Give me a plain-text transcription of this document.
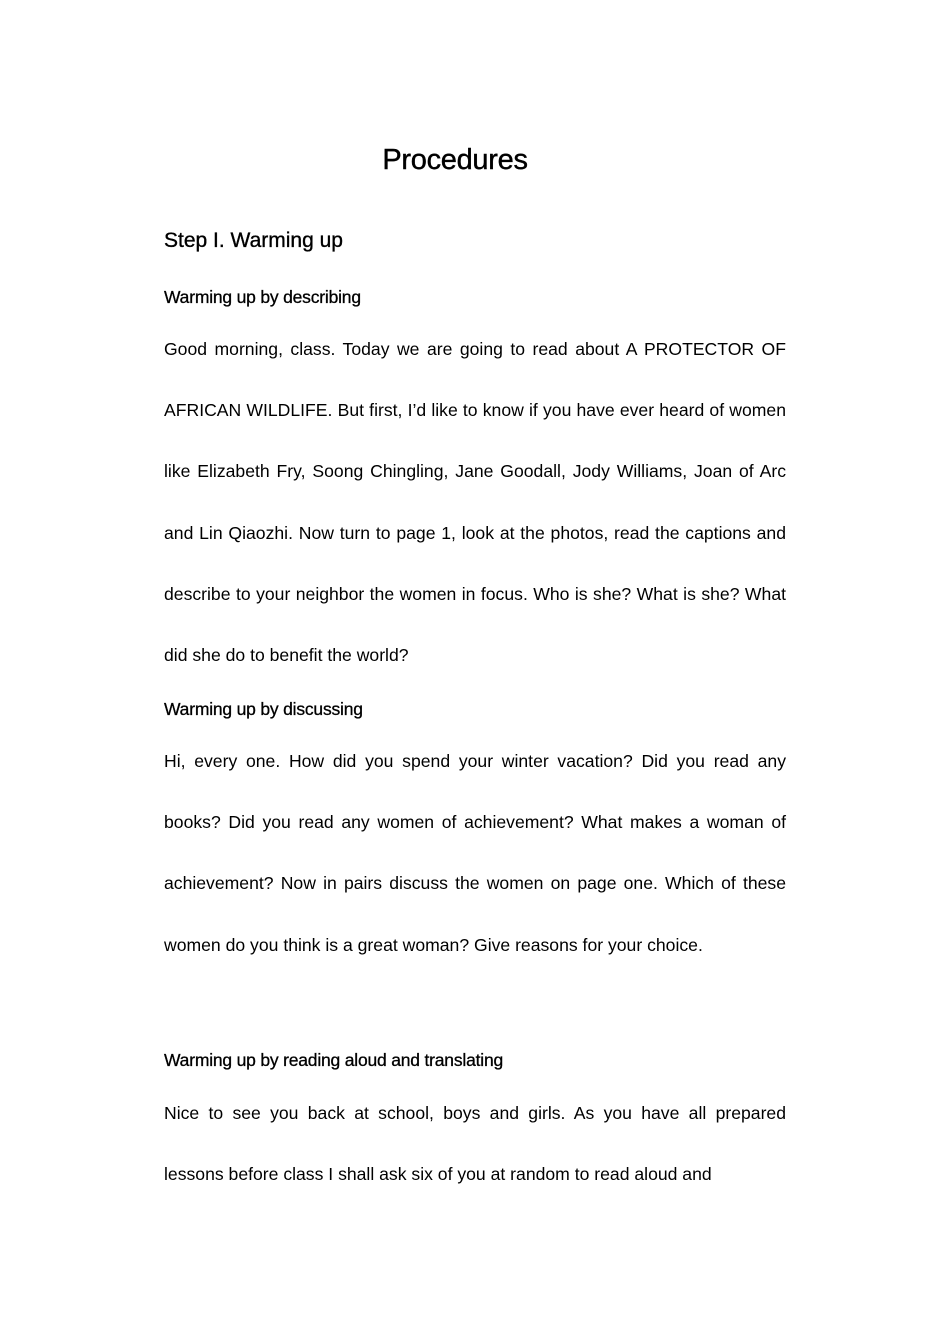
Procedures
Step I. Warming up
Warming up by describing

Good morning, class. Today we are going to read about A PROTECTOR OF AFRICAN WILDLIFE. But first, I’d like to know if you have ever heard of women like Elizabeth Fry, Soong Chingling, Jane Goodall, Jody Williams, Joan of Arc and Lin Qiaozhi. Now turn to page 1, look at the photos, read the captions and describe to your neighbor the women in focus. Who is she? What is she? What did she do to benefit the world?

Warming up by discussing

Hi, every one. How did you spend your winter vacation? Did you read any books? Did you read any women of achievement? What makes a woman of achievement? Now in pairs discuss the women on page one. Which of these women do you think is a great woman? Give reasons for your choice.

Warming up by reading aloud and translating

Nice to see you back at school, boys and girls. As you have all prepared lessons before class I shall ask six of you at random to read aloud and
